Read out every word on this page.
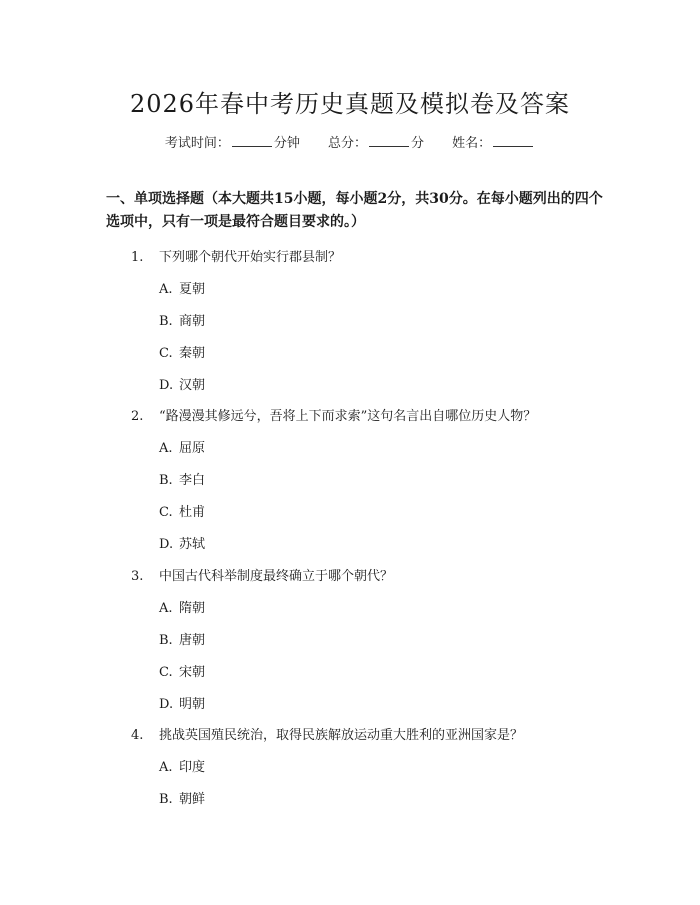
2026年春中考历史真题及模拟卷及答案
考试时间：	分钟 总分：	分 姓名：
一、单项选择题（本大题共15小题，每小题2分，共30分。在每小题列出的四个选项中，只有一项是最符合题目要求的。）
1. 下列哪个朝代开始实行郡县制？
A. 夏朝
B. 商朝
C. 秦朝
D. 汉朝
2. “路漫漫其修远兮，吾将上下而求索”这句名言出自哪位历史人物？
A. 屈原
B. 李白
C. 杜甫
D. 苏轼
3. 中国古代科举制度最终确立于哪个朝代？
A. 隋朝
B. 唐朝
C. 宋朝
D. 明朝
4. 挑战英国殖民统治，取得民族解放运动重大胜利的亚洲国家是？
A. 印度
B. 朝鲜
